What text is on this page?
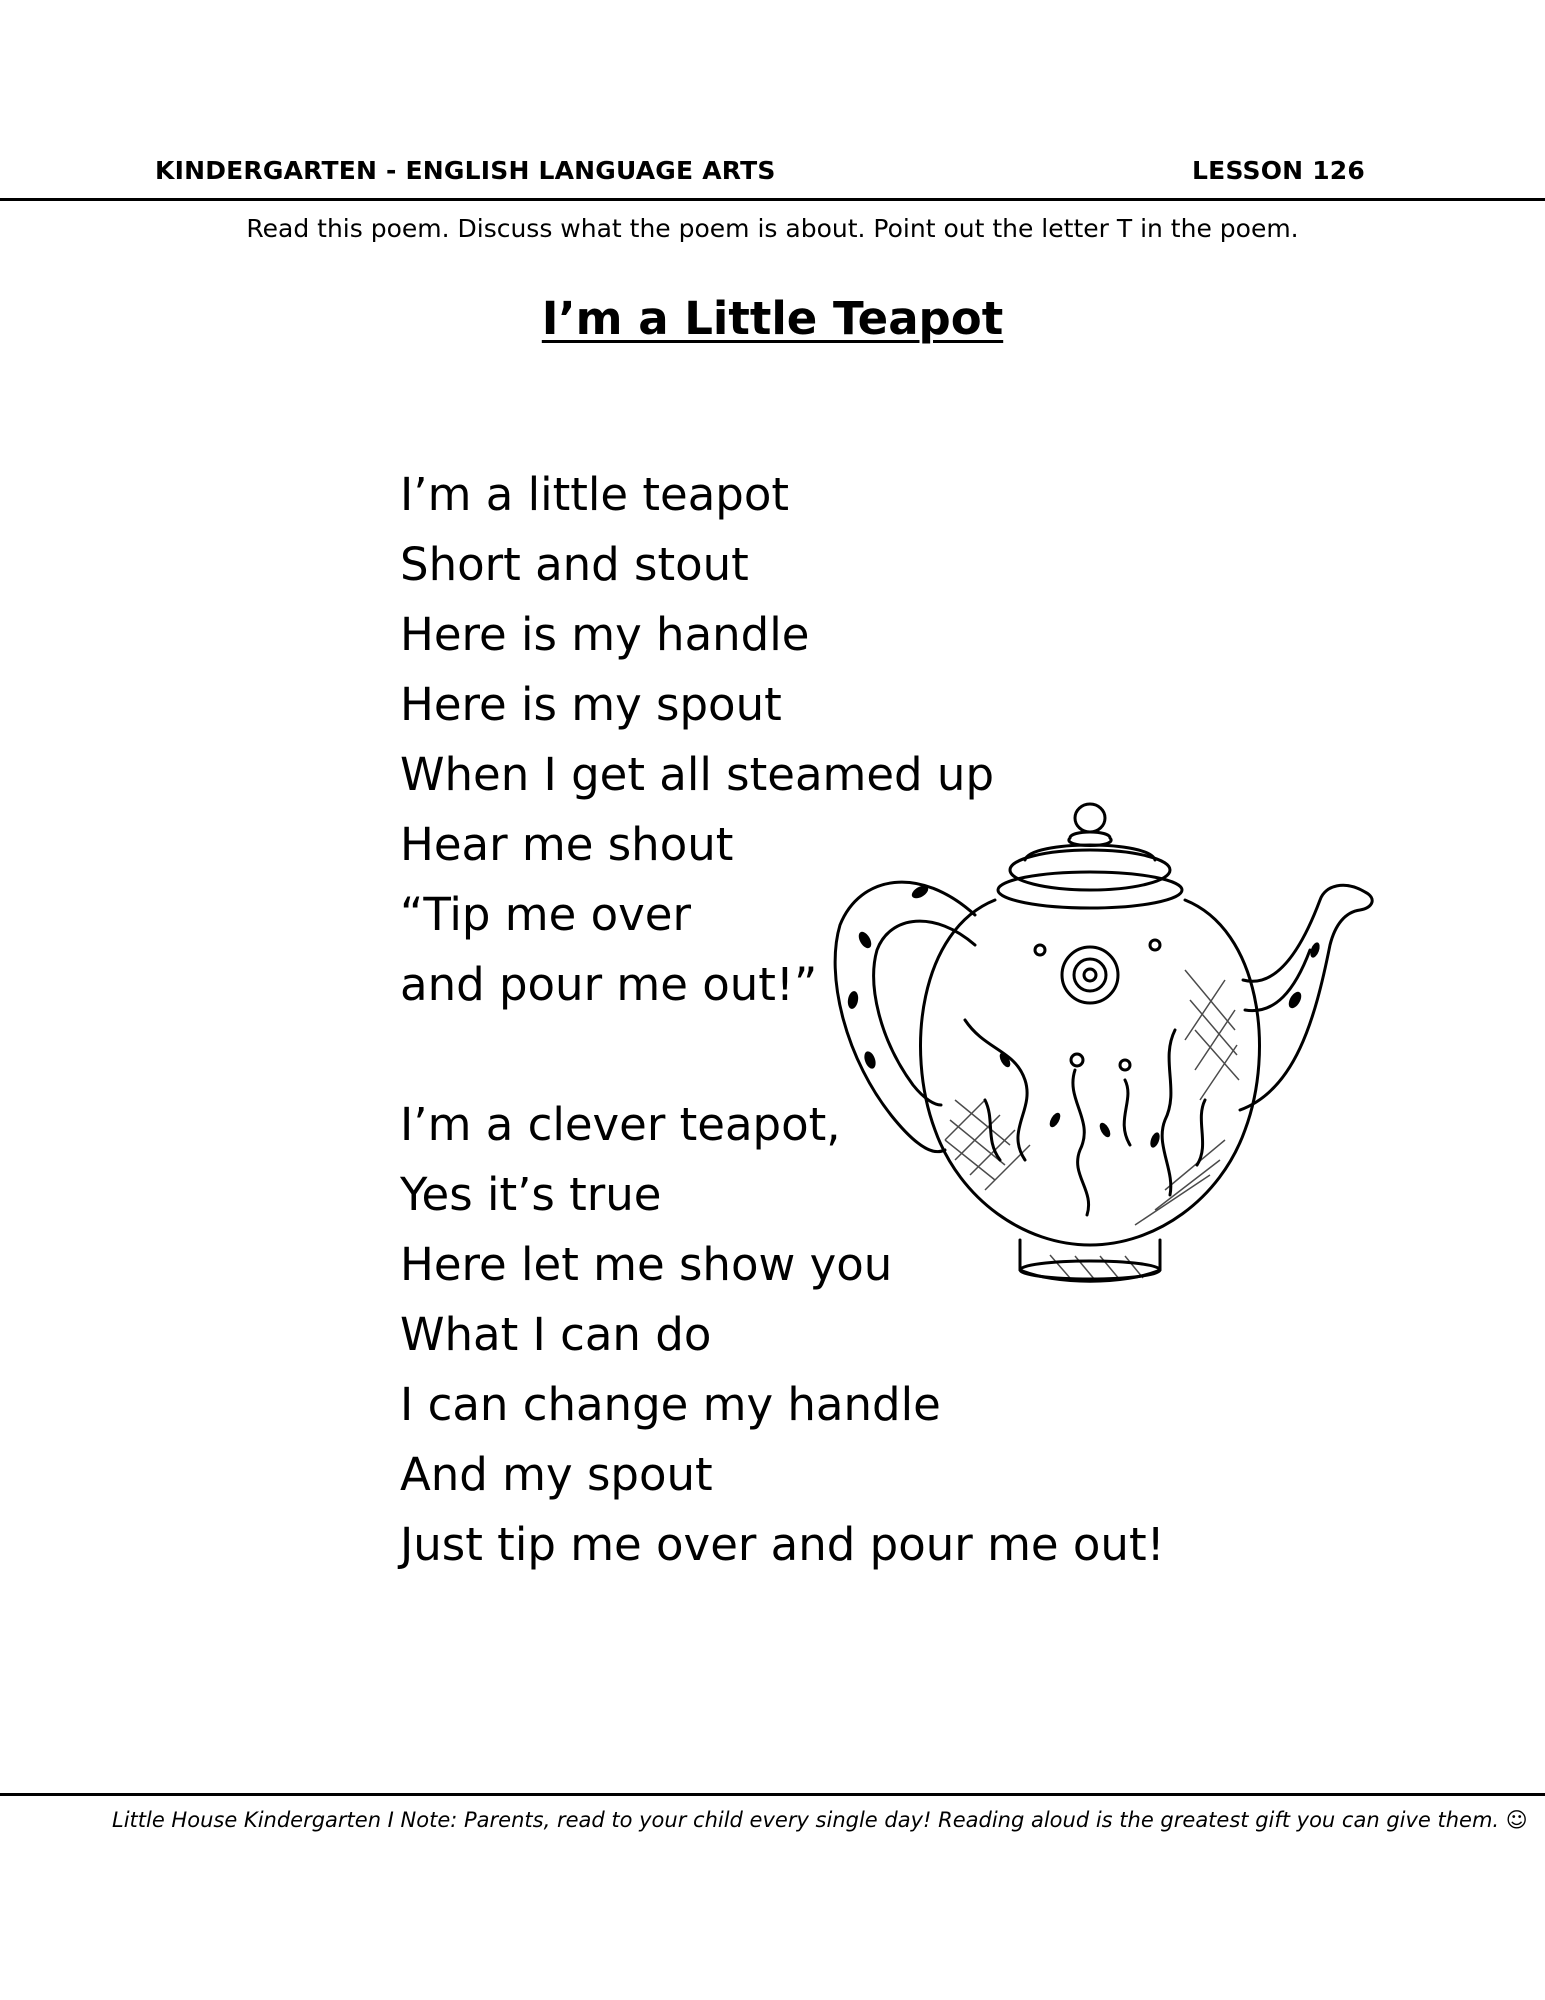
KINDERGARTEN - ENGLISH LANGUAGE ARTS	LESSON 126
Read this poem. Discuss what the poem is about. Point out the letter T in the poem.
I’m a Little Teapot
I’m a little teapot
Short and stout
Here is my handle
Here is my spout
When I get all steamed up
Hear me shout
“Tip me over
and pour me out!”
I’m a clever teapot,
Yes it’s true
Here let me show you
What I can do
I can change my handle
And my spout
Just tip me over and pour me out!
Little House Kindergarten I Note: Parents, read to your child every single day! Reading aloud is the greatest gift you can give them. ☺
